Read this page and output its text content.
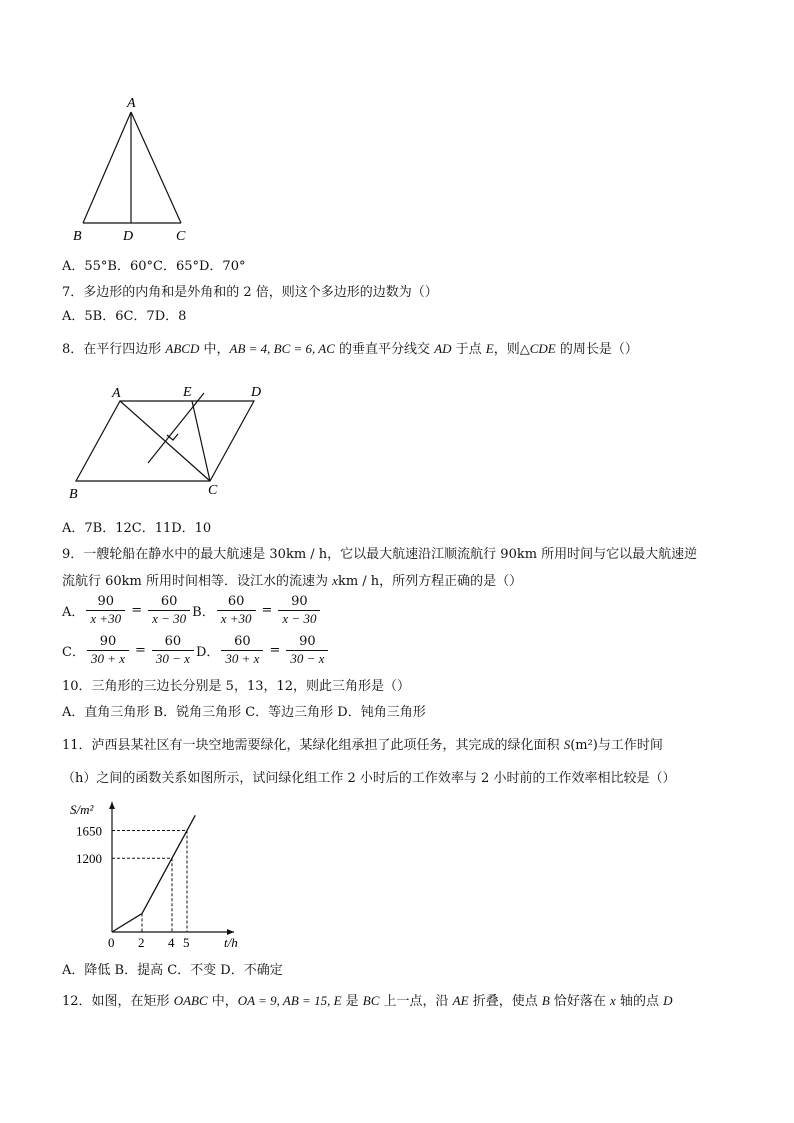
A
B	D	C
A．55°B．60°C．65°D．70°
7．多边形的内角和是外角和的 2 倍，则这个多边形的边数为（）
A．5B．6C．7D．8
8．在平行四边形 ABCD 中，AB = 4, BC = 6, AC 的垂直平分线交 AD 于点 E，则△CDE 的周长是（）
A	E	D
B	C
A．7B．12C．11D．10
9．一艘轮船在静水中的最大航速是 30km / h，它以最大航速沿江顺流航行 90km 所用时间与它以最大航速逆
流航行 60km 所用时间相等．设江水的流速为 xkm / h，所列方程正确的是（）
A． $\frac{90}{x +30} = \frac{60}{x - 30}$ B． $\frac{60}{x +30} = \frac{90}{x - 30}$
C． $\frac{90}{30 + x} = \frac{60}{30 - x}$ D． $\frac{60}{30 + x} = \frac{90}{30 - x}$
10．三角形的三边长分别是 5，13，12，则此三角形是（）
A．直角三角形 B．锐角三角形 C．等边三角形 D．钝角三角形
11．泸西县某社区有一块空地需要绿化，某绿化组承担了此项任务，其完成的绿化面积 S(m²)与工作时间
（h）之间的函数关系如图所示，试问绿化组工作 2 小时后的工作效率与 2 小时前的工作效率相比较是（）
0 2 4 5
1200
1650
t/h
S/m²
A．降低 B．提高 C．不变 D．不确定
12．如图，在矩形 OABC 中，OA = 9, AB = 15, E 是 BC 上一点，沿 AE 折叠，使点 B 恰好落在 x 轴的点 D
